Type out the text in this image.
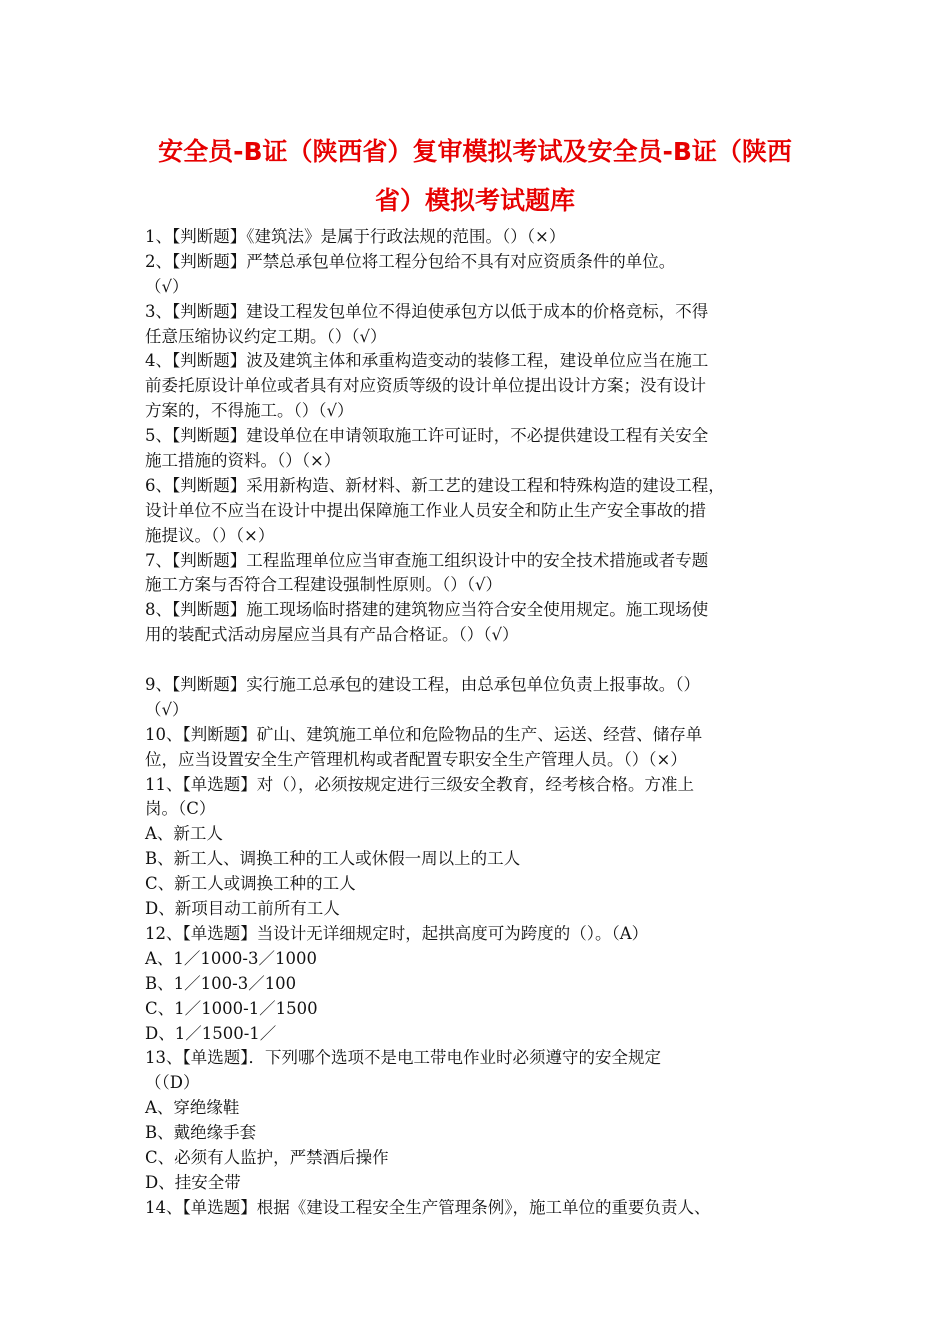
安全员-B证（陕西省）复审模拟考试及安全员-B证（陕西
省）模拟考试题库
1、【判断题】《建筑法》是属于行政法规的范围。（）（×）
2、【判断题】严禁总承包单位将工程分包给不具有对应资质条件的单位。
（√）
3、【判断题】建设工程发包单位不得迫使承包方以低于成本的价格竞标，不得
任意压缩协议约定工期。（）（√）
4、【判断题】波及建筑主体和承重构造变动的装修工程，建设单位应当在施工
前委托原设计单位或者具有对应资质等级的设计单位提出设计方案；没有设计
方案的，不得施工。（）（√）
5、【判断题】建设单位在申请领取施工许可证时，不必提供建设工程有关安全
施工措施的资料。（）（×）
6、【判断题】采用新构造、新材料、新工艺的建设工程和特殊构造的建设工程，
设计单位不应当在设计中提出保障施工作业人员安全和防止生产安全事故的措
施提议。（）（×）
7、【判断题】工程监理单位应当审查施工组织设计中的安全技术措施或者专题
施工方案与否符合工程建设强制性原则。（）（√）
8、【判断题】施工现场临时搭建的建筑物应当符合安全使用规定。施工现场使
用的装配式活动房屋应当具有产品合格证。（）（√）
9、【判断题】实行施工总承包的建设工程，由总承包单位负责上报事故。（）
（√）
10、【判断题】矿山、建筑施工单位和危险物品的生产、运送、经营、储存单
位，应当设置安全生产管理机构或者配置专职安全生产管理人员。（）（×）
11、【单选题】对（），必须按规定进行三级安全教育，经考核合格。方准上
岗。（C）
A、新工人
B、新工人、调换工种的工人或休假一周以上的工人
C、新工人或调换工种的工人
D、新项目动工前所有工人
12、【单选题】当设计无详细规定时，起拱高度可为跨度的（）。（A）
A、1／1000-3／1000
B、1／100-3／100
C、1／1000-1／1500
D、1／1500-1／
13、【单选题】．下列哪个选项不是电工带电作业时必须遵守的安全规定
（（D）
A、穿绝缘鞋
B、戴绝缘手套
C、必须有人监护，严禁酒后操作
D、挂安全带
14、【单选题】根据《建设工程安全生产管理条例》，施工单位的重要负责人、
